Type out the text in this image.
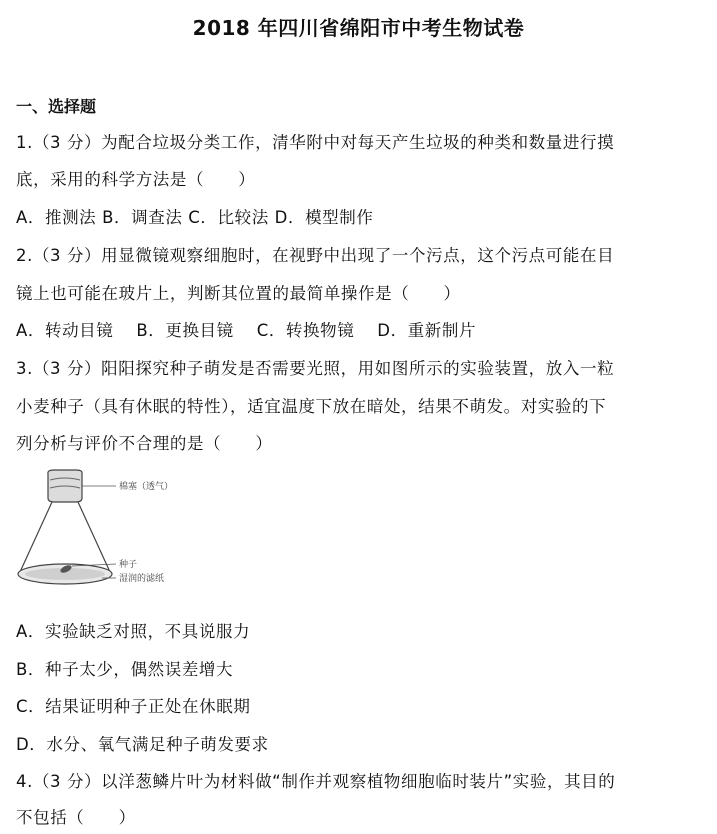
2018 年四川省绵阳市中考生物试卷
一、选择题
1.（3 分）为配合垃圾分类工作，清华附中对每天产生垃圾的种类和数量进行摸
底，采用的科学方法是（　　）
A．推测法 B．调查法 C．比较法 D．模型制作
2.（3 分）用显微镜观察细胞时，在视野中出现了一个污点，这个污点可能在目
镜上也可能在玻片上，判断其位置的最简单操作是（　　）
A．转动目镜　 B．更换目镜　 C．转换物镜　 D．重新制片
3.（3 分）阳阳探究种子萌发是否需要光照，用如图所示的实验装置，放入一粒
小麦种子（具有休眠的特性），适宜温度下放在暗处，结果不萌发。对实验的下
列分析与评价不合理的是（　　）
棉塞（透气）
种子
湿润的滤纸
A．实验缺乏对照，不具说服力
B．种子太少，偶然误差增大
C．结果证明种子正处在休眠期
D．水分、氧气满足种子萌发要求
4.（3 分）以洋葱鳞片叶为材料做“制作并观察植物细胞临时装片”实验，其目的
不包括（　　）
